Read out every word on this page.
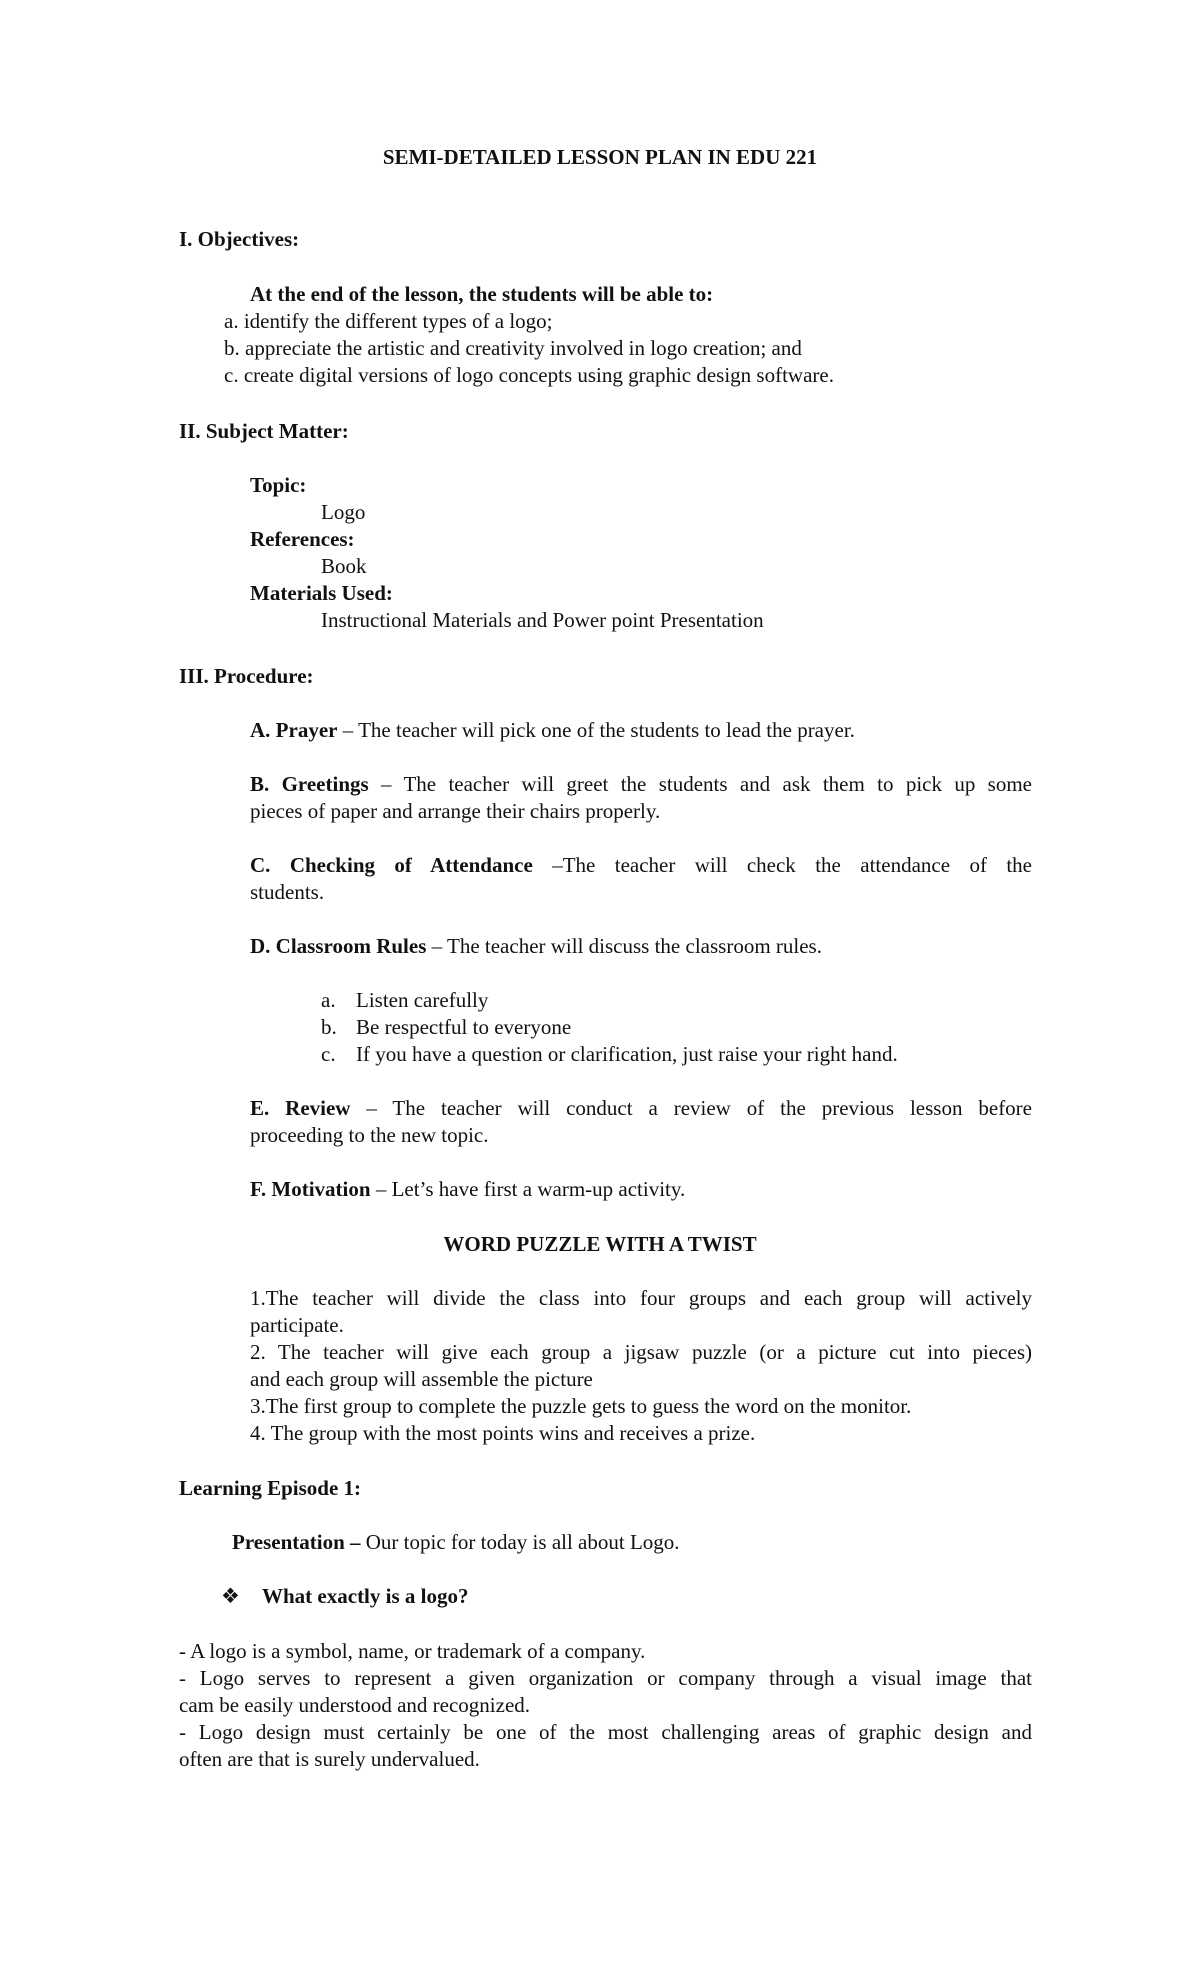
SEMI-DETAILED LESSON PLAN IN EDU 221
I. Objectives:
At the end of the lesson, the students will be able to:
a. identify the different types of a logo;
b. appreciate the artistic and creativity involved in logo creation; and
c. create digital versions of logo concepts using graphic design software.
II. Subject Matter:
Topic:
Logo
References:
Book
Materials Used:
Instructional Materials and Power point Presentation
III. Procedure:
A. Prayer – The teacher will pick one of the students to lead the prayer.
B. Greetings – The teacher will greet the students and ask them to pick up some
pieces of paper and arrange their chairs properly.
C. Checking of Attendance –The teacher will check the attendance of the
students.
D. Classroom Rules – The teacher will discuss the classroom rules.
a. Listen carefully
b. Be respectful to everyone
c. If you have a question or clarification, just raise your right hand.
E. Review – The teacher will conduct a review of the previous lesson before
proceeding to the new topic.
F. Motivation – Let’s have first a warm-up activity.
WORD PUZZLE WITH A TWIST
1.The teacher will divide the class into four groups and each group will actively
participate.
2. The teacher will give each group a jigsaw puzzle (or a picture cut into pieces)
and each group will assemble the picture
3.The first group to complete the puzzle gets to guess the word on the monitor.
4. The group with the most points wins and receives a prize.
Learning Episode 1:
Presentation – Our topic for today is all about Logo.
❖ What exactly is a logo?
- A logo is a symbol, name, or trademark of a company.
- Logo serves to represent a given organization or company through a visual image that
cam be easily understood and recognized.
- Logo design must certainly be one of the most challenging areas of graphic design and
often are that is surely undervalued.
